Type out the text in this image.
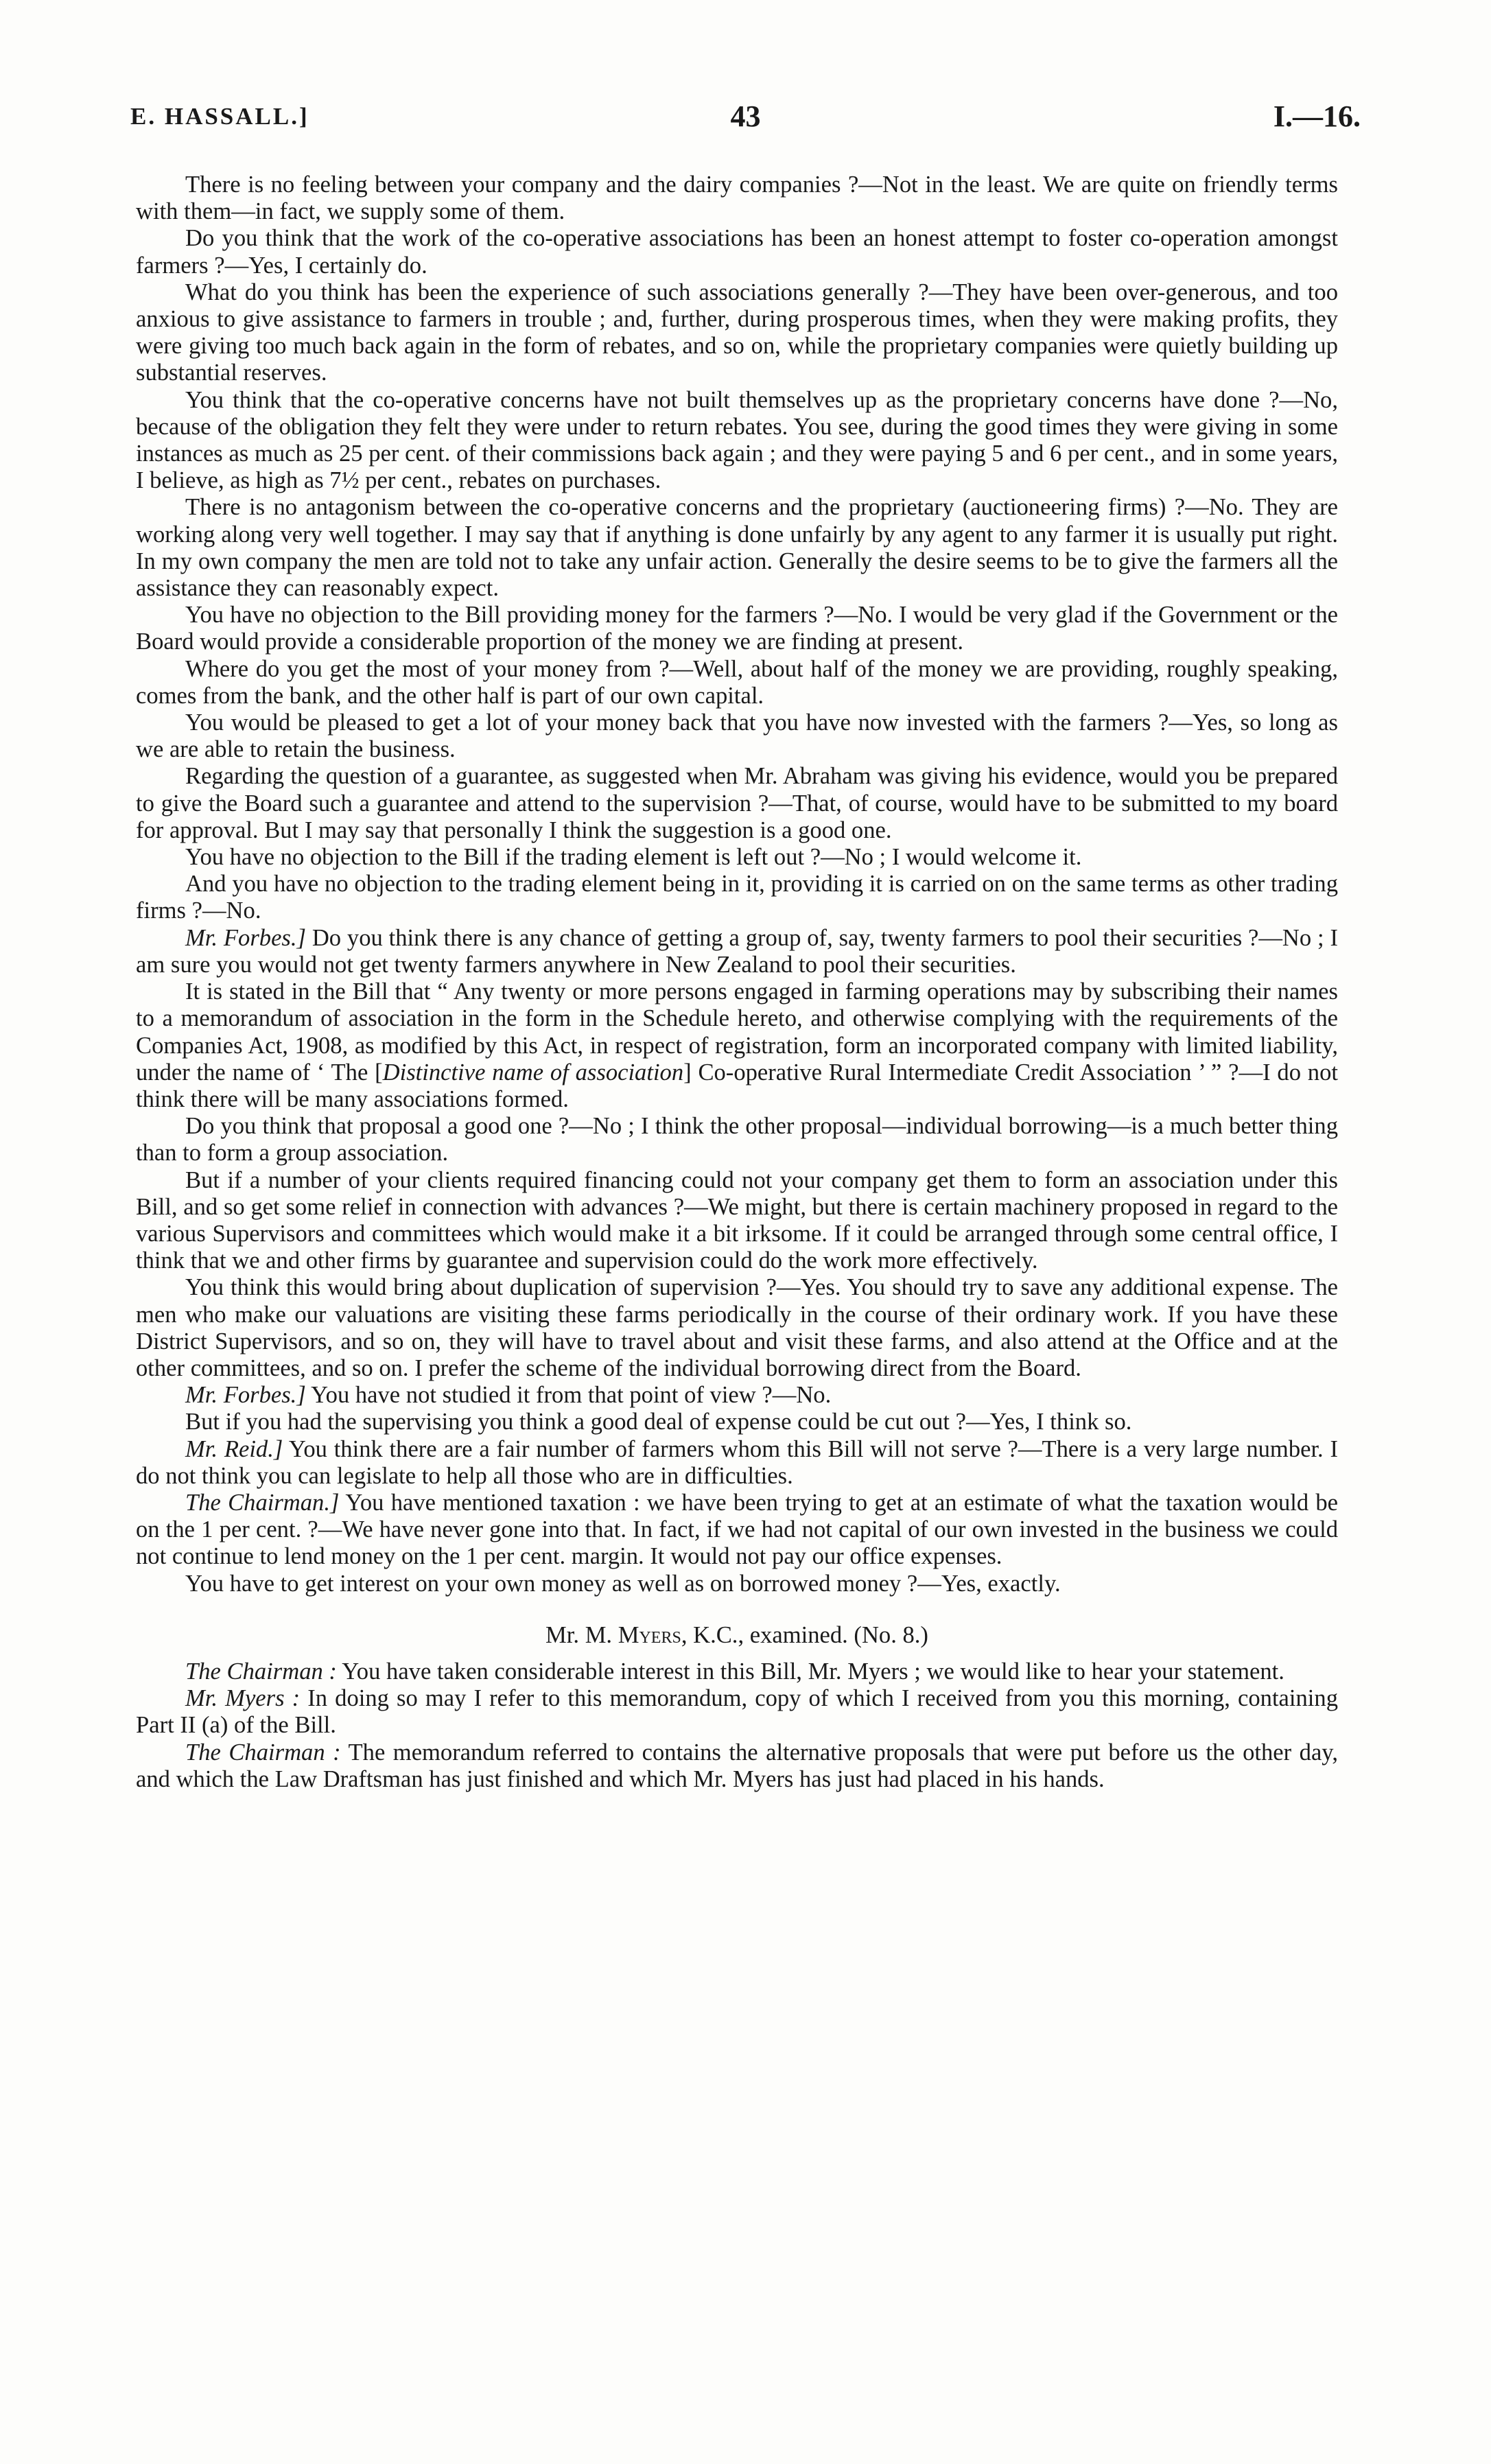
E. HASSALL.]	43	I.—16.

There is no feeling between your company and the dairy companies ?—Not in the least. We are quite on friendly terms with them—in fact, we supply some of them.

Do you think that the work of the co-operative associations has been an honest attempt to foster co-operation amongst farmers ?—Yes, I certainly do.

What do you think has been the experience of such associations generally ?—They have been over-generous, and too anxious to give assistance to farmers in trouble ; and, further, during prosperous times, when they were making profits, they were giving too much back again in the form of rebates, and so on, while the proprietary companies were quietly building up substantial reserves.

You think that the co-operative concerns have not built themselves up as the proprietary concerns have done ?—No, because of the obligation they felt they were under to return rebates. You see, during the good times they were giving in some instances as much as 25 per cent. of their commissions back again ; and they were paying 5 and 6 per cent., and in some years, I believe, as high as 7½ per cent., rebates on purchases.

There is no antagonism between the co-operative concerns and the proprietary (auctioneering firms) ?—No. They are working along very well together. I may say that if anything is done unfairly by any agent to any farmer it is usually put right. In my own company the men are told not to take any unfair action. Generally the desire seems to be to give the farmers all the assistance they can reasonably expect.

You have no objection to the Bill providing money for the farmers ?—No. I would be very glad if the Government or the Board would provide a considerable proportion of the money we are finding at present.

Where do you get the most of your money from ?—Well, about half of the money we are providing, roughly speaking, comes from the bank, and the other half is part of our own capital.

You would be pleased to get a lot of your money back that you have now invested with the farmers ?—Yes, so long as we are able to retain the business.

Regarding the question of a guarantee, as suggested when Mr. Abraham was giving his evidence, would you be prepared to give the Board such a guarantee and attend to the supervision ?—That, of course, would have to be submitted to my board for approval. But I may say that personally I think the suggestion is a good one.

You have no objection to the Bill if the trading element is left out ?—No ; I would welcome it.

And you have no objection to the trading element being in it, providing it is carried on on the same terms as other trading firms ?—No.

Mr. Forbes.] Do you think there is any chance of getting a group of, say, twenty farmers to pool their securities ?—No ; I am sure you would not get twenty farmers anywhere in New Zealand to pool their securities.

It is stated in the Bill that “ Any twenty or more persons engaged in farming operations may by subscribing their names to a memorandum of association in the form in the Schedule hereto, and otherwise complying with the requirements of the Companies Act, 1908, as modified by this Act, in respect of registration, form an incorporated company with limited liability, under the name of ‘ The [Distinctive name of association] Co-operative Rural Intermediate Credit Association ’ ” ?—I do not think there will be many associations formed.

Do you think that proposal a good one ?—No ; I think the other proposal—individual borrowing—is a much better thing than to form a group association.

But if a number of your clients required financing could not your company get them to form an association under this Bill, and so get some relief in connection with advances ?—We might, but there is certain machinery proposed in regard to the various Supervisors and committees which would make it a bit irksome. If it could be arranged through some central office, I think that we and other firms by guarantee and supervision could do the work more effectively.

You think this would bring about duplication of supervision ?—Yes. You should try to save any additional expense. The men who make our valuations are visiting these farms periodically in the course of their ordinary work. If you have these District Supervisors, and so on, they will have to travel about and visit these farms, and also attend at the Office and at the other committees, and so on. I prefer the scheme of the individual borrowing direct from the Board.

Mr. Forbes.] You have not studied it from that point of view ?—No.

But if you had the supervising you think a good deal of expense could be cut out ?—Yes, I think so.

Mr. Reid.] You think there are a fair number of farmers whom this Bill will not serve ?—There is a very large number. I do not think you can legislate to help all those who are in difficulties.

The Chairman.] You have mentioned taxation : we have been trying to get at an estimate of what the taxation would be on the 1 per cent. ?—We have never gone into that. In fact, if we had not capital of our own invested in the business we could not continue to lend money on the 1 per cent. margin. It would not pay our office expenses.

You have to get interest on your own money as well as on borrowed money ?—Yes, exactly.

Mr. M. Myers, K.C., examined. (No. 8.)

The Chairman : You have taken considerable interest in this Bill, Mr. Myers ; we would like to hear your statement.

Mr. Myers : In doing so may I refer to this memorandum, copy of which I received from you this morning, containing Part II (a) of the Bill.

The Chairman : The memorandum referred to contains the alternative proposals that were put before us the other day, and which the Law Draftsman has just finished and which Mr. Myers has just had placed in his hands.
